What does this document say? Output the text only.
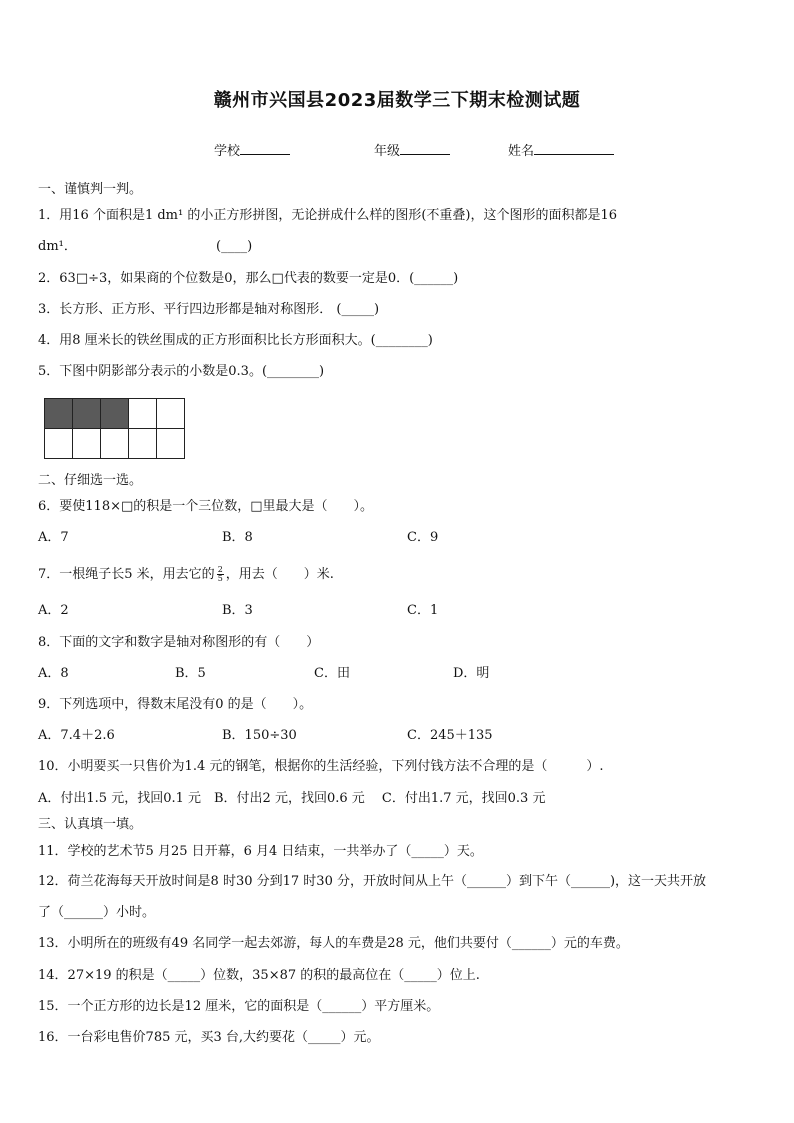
赣州市兴国县2023届数学三下期末检测试题
学校	年级	姓名
一、谨慎判一判。
1．用16 个面积是1 dm¹ 的小正方形拼图，无论拼成什么样的图形(不重叠)，这个图形的面积都是16
dm¹．	(____)
2．63□÷3，如果商的个位数是0，那么□代表的数要一定是0．(______)
3．长方形、正方形、平行四边形都是轴对称图形． (_____)
4．用8 厘米长的铁丝围成的正方形面积比长方形面积大。(________)
5．下图中阴影部分表示的小数是0.3。(________)

二、仔细选一选。
6．要使118×□的积是一个三位数，□里最大是（　　）。
A．7	B．8	C．9
7．一根绳子长5 米，用去它的 $\frac{2}{5}$ ，用去（　　）米.
A．2	B．3	C．1
8．下面的文字和数字是轴对称图形的有（　　）
A．8	B．5	C．田	D．明
9．下列选项中，得数末尾没有0 的是（　　）。
A．7.4＋2.6	B．150÷30	C．245＋135
10．小明要买一只售价为1.4 元的钢笔，根据你的生活经验，下列付钱方法不合理的是（　　　）.
A．付出1.5 元，找回0.1 元　B．付出2 元，找回0.6 元　 C．付出1.7 元，找回0.3 元
三、认真填一填。
11．学校的艺术节5 月25 日开幕，6 月4 日结束，一共举办了（_____）天。
12．荷兰花海每天开放时间是8 时30 分到17 时30 分，开放时间从上午（______）到下午（______)，这一天共开放
了（______）小时。
13．小明所在的班级有49 名同学一起去郊游，每人的车费是28 元，他们共要付（______）元的车费。
14．27×19 的积是（_____）位数，35×87 的积的最高位在（_____）位上.
15．一个正方形的边长是12 厘米，它的面积是（______）平方厘米。
16．一台彩电售价785 元，买3 台,大约要花（_____）元。
